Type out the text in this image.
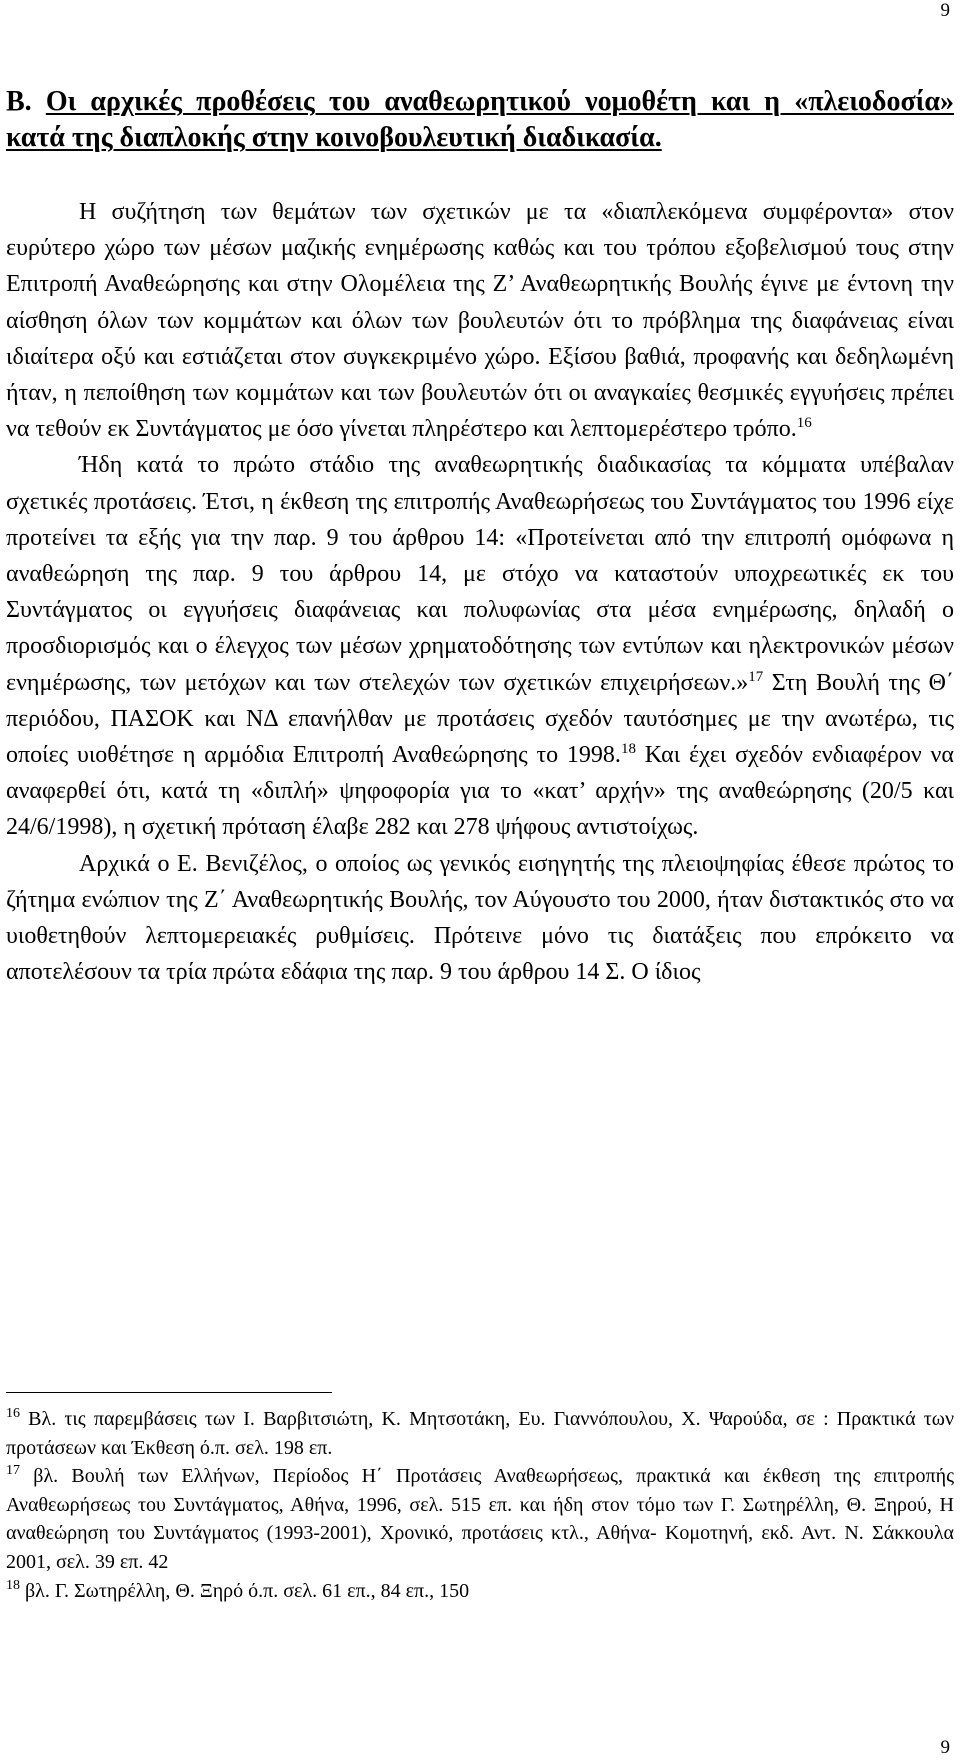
9
Β. Οι αρχικές προθέσεις του αναθεωρητικού νομοθέτη και η «πλειοδοσία» κατά της διαπλοκής στην κοινοβουλευτική διαδικασία.

Η συζήτηση των θεμάτων των σχετικών με τα «διαπλεκόμενα συμφέροντα» στον ευρύτερο χώρο των μέσων μαζικής ενημέρωσης καθώς και του τρόπου εξοβελισμού τους στην Επιτροπή Αναθεώρησης και στην Ολομέλεια της Ζ’ Αναθεωρητικής Βουλής έγινε με έντονη την αίσθηση όλων των κομμάτων και όλων των βουλευτών ότι το πρόβλημα της διαφάνειας είναι ιδιαίτερα οξύ και εστιάζεται στον συγκεκριμένο χώρο. Εξίσου βαθιά, προφανής και δεδηλωμένη ήταν, η πεποίθηση των κομμάτων και των βουλευτών ότι οι αναγκαίες θεσμικές εγγυήσεις πρέπει να τεθούν εκ Συντάγματος με όσο γίνεται πληρέστερο και λεπτομερέστερο τρόπο.$^{16}$

Ήδη κατά το πρώτο στάδιο της αναθεωρητικής διαδικασίας τα κόμματα υπέβαλαν σχετικές προτάσεις. Έτσι, η έκθεση της επιτροπής Αναθεωρήσεως του Συντάγματος του 1996 είχε προτείνει τα εξής για την παρ. 9 του άρθρου 14: «Προτείνεται από την επιτροπή ομόφωνα η αναθεώρηση της παρ. 9 του άρθρου 14, με στόχο να καταστούν υποχρεωτικές εκ του Συντάγματος οι εγγυήσεις διαφάνειας και πολυφωνίας στα μέσα ενημέρωσης, δηλαδή ο προσδιορισμός και ο έλεγχος των μέσων χρηματοδότησης των εντύπων και ηλεκτρονικών μέσων ενημέρωσης, των μετόχων και των στελεχών των σχετικών επιχειρήσεων.»$^{17}$ Στη Βουλή της Θ΄ περιόδου, ΠΑΣΟΚ και ΝΔ επανήλθαν με προτάσεις σχεδόν ταυτόσημες με την ανωτέρω, τις οποίες υιοθέτησε η αρμόδια Επιτροπή Αναθεώρησης το 1998.18 Και έχει σχεδόν ενδιαφέρον να αναφερθεί ότι, κατά τη «διπλή» ψηφοφορία για το «κατ’ αρχήν» της αναθεώρησης (20/5 και 24/6/1998), η σχετική πρόταση έλαβε 282 και 278 ψήφους αντιστοίχως.

Αρχικά ο Ε. Βενιζέλος, ο οποίος ως γενικός εισηγητής της πλειοψηφίας έθεσε πρώτος το ζήτημα ενώπιον της Ζ΄ Αναθεωρητικής Βουλής, τον Αύγουστο του 2000, ήταν διστακτικός στο να υιοθετηθούν λεπτομερειακές ρυθμίσεις. Πρότεινε μόνο τις διατάξεις που επρόκειτο να αποτελέσουν τα τρία πρώτα εδάφια της παρ. 9 του άρθρου 14 Σ. Ο ίδιος

$^{16}$ Βλ. τις παρεμβάσεις των Ι. Βαρβιτσιώτη, Κ. Μητσοτάκη, Ευ. Γιαννόπουλου, Χ. Ψαρούδα, σε : Πρακτικά των προτάσεων και Έκθεση ό.π. σελ. 198 επ.

$^{17}$ βλ. Βουλή των Ελλήνων, Περίοδος Η΄ Προτάσεις Αναθεωρήσεως, πρακτικά και έκθεση της επιτροπής Αναθεωρήσεως του Συντάγματος, Αθήνα, 1996, σελ. 515 επ. και ήδη στον τόμο των Γ. Σωτηρέλλη, Θ. Ξηρού, Η αναθεώρηση του Συντάγματος (1993-2001), Χρονικό, προτάσεις κτλ., Αθήνα- Κομοτηνή, εκδ. Αντ. Ν. Σάκκουλα 2001, σελ. 39 επ. 42

$^{18}$ βλ. Γ. Σωτηρέλλη, Θ. Ξηρό ό.π. σελ. 61 επ., 84 επ., 150

9
